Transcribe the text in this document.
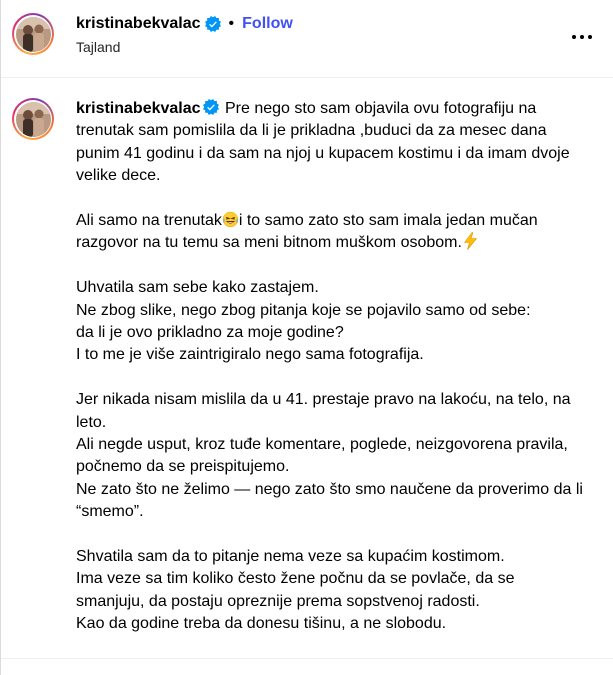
kristinabekvalac • Follow
Tajland

kristinabekvalac Pre nego sto sam objavila ovu fotografiju na trenutak sam pomislila da li je prikladna ,buduci da za mesec dana punim 41 godinu i da sam na njoj u kupacem kostimu i da imam dvoje velike dece.

Ali samo na trenutak i to samo zato sto sam imala jedan mučan razgovor na tu temu sa meni bitnom muškom osobom.

Uhvatila sam sebe kako zastajem.
Ne zbog slike, nego zbog pitanja koje se pojavilo samo od sebe:
da li je ovo prikladno za moje godine?
I to me je više zaintrigiralo nego sama fotografija.

Jer nikada nisam mislila da u 41. prestaje pravo na lakoću, na telo, na leto.
Ali negde usput, kroz tuđe komentare, poglede, neizgovorena pravila, počnemo da se preispitujemo.
Ne zato što ne želimo — nego zato što smo naučene da proverimo da li “smemo”.

Shvatila sam da to pitanje nema veze sa kupaćim kostimom.
Ima veze sa tim koliko često žene počnu da se povlače, da se smanjuju, da postaju opreznije prema sopstvenoj radosti.
Kao da godine treba da donesu tišinu, a ne slobodu.
